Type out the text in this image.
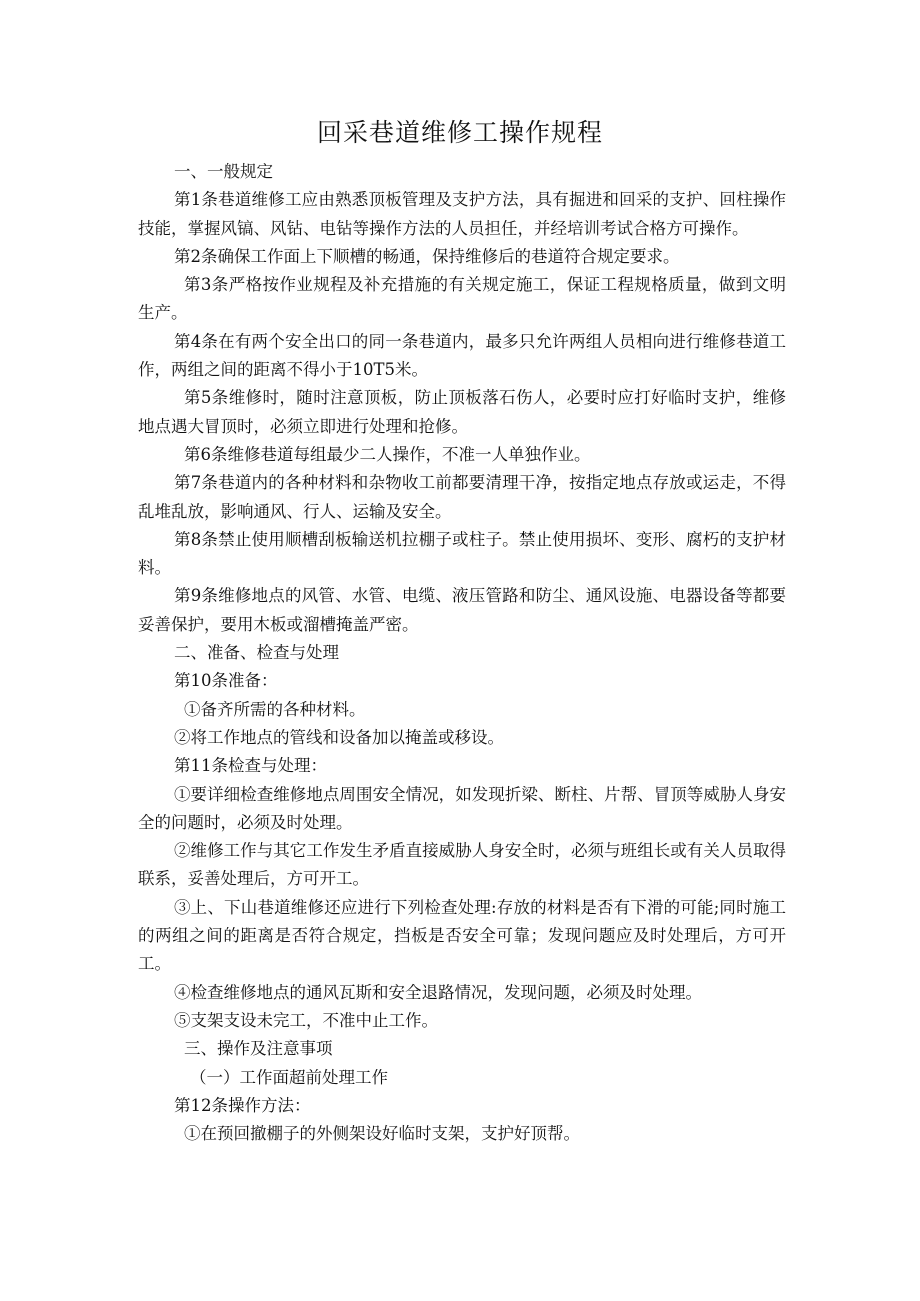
回采巷道维修工操作规程

一、一般规定

第1条巷道维修工应由熟悉顶板管理及支护方法，具有掘进和回采的支护、回柱操作技能，掌握风镐、风钻、电钻等操作方法的人员担任，并经培训考试合格方可操作。

第2条确保工作面上下顺槽的畅通，保持维修后的巷道符合规定要求。

第3条严格按作业规程及补充措施的有关规定施工，保证工程规格质量，做到文明生产。

第4条在有两个安全出口的同一条巷道内，最多只允许两组人员相向进行维修巷道工作，两组之间的距离不得小于10T5米。

第5条维修时，随时注意顶板，防止顶板落石伤人，必要时应打好临时支护，维修地点遇大冒顶时，必须立即进行处理和抢修。

第6条维修巷道每组最少二人操作，不准一人单独作业。

第7条巷道内的各种材料和杂物收工前都要清理干净，按指定地点存放或运走，不得乱堆乱放，影响通风、行人、运输及安全。

第8条禁止使用顺槽刮板输送机拉棚子或柱子。禁止使用损坏、变形、腐朽的支护材料。

第9条维修地点的风管、水管、电缆、液压管路和防尘、通风设施、电器设备等都要妥善保护，要用木板或溜槽掩盖严密。

二、准备、检查与处理

第10条准备：

①备齐所需的各种材料。

②将工作地点的管线和设备加以掩盖或移设。

第11条检查与处理：

①要详细检查维修地点周围安全情况，如发现折梁、断柱、片帮、冒顶等威胁人身安全的问题时，必须及时处理。

②维修工作与其它工作发生矛盾直接威胁人身安全时，必须与班组长或有关人员取得联系，妥善处理后，方可开工。

③上、下山巷道维修还应进行下列检查处理:存放的材料是否有下滑的可能;同时施工的两组之间的距离是否符合规定，挡板是否安全可靠；发现问题应及时处理后，方可开工。

④检查维修地点的通风瓦斯和安全退路情况，发现问题，必须及时处理。

⑤支架支设未完工，不准中止工作。

三、操作及注意事项

（一）工作面超前处理工作

第12条操作方法：

①在预回撤棚子的外侧架设好临时支架，支护好顶帮。
